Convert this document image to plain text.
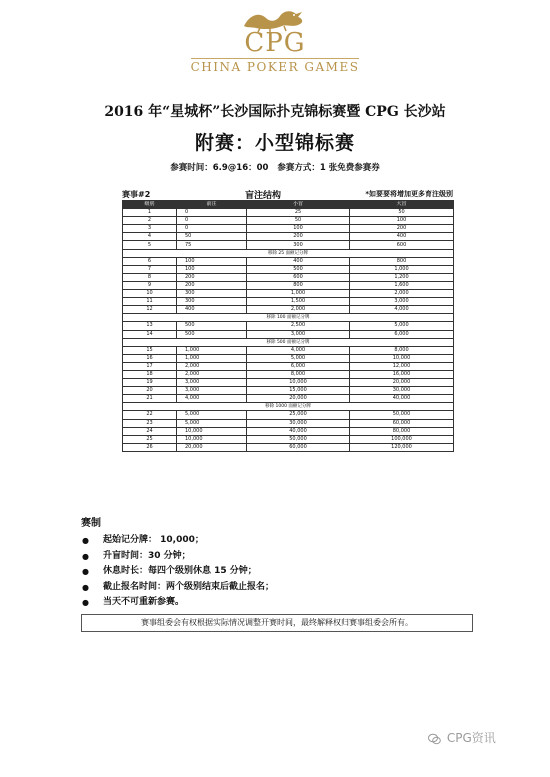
CPG
CHINA POKER GAMES
2016 年“星城杯”长沙国际扑克锦标赛暨 CPG 长沙站
附赛：小型锦标赛
参赛时间：6.9@16：00 参赛方式：1 张免费参赛券
赛事#2	盲注结构	*如要要将增加更多育注级别
级别	前注	小盲	大盲
1	0	25	50
2	0	50	100
3	0	100	200
4	50	200	400
5	75	300	600
移除 25 面额记分牌			
6	100	400	800
7	100	500	1,000
8	200	600	1,200
9	200	800	1,600
10	300	1,000	2,000
11	300	1,500	3,000
12	400	2,000	4,000
移除 100 面额记分牌			
13	500	2,500	5,000
14	500	3,000	6,000
移除 500 面额记分牌			
15	1,000	4,000	8,000
16	1,000	5,000	10,000
17	2,000	6,000	12,000
18	2,000	8,000	16,000
19	3,000	10,000	20,000
20	3,000	15,000	30,000
21	4,000	20,000	40,000
移除 1000 面额记分牌			
22	5,000	25,000	50,000
23	5,000	30,000	60,000
24	10,000	40,000	80,000
25	10,000	50,000	100,000
26	20,000	60,000	120,000
赛制
● 起始记分牌： 10,000；
● 升盲时间：30 分钟；
● 休息时长：每四个级别休息 15 分钟；
● 截止报名时间：两个级别结束后截止报名；
● 当天不可重新参赛。
赛事组委会有权根据实际情况调整开赛时间，最终解释权归赛事组委会所有。
CPG资讯
